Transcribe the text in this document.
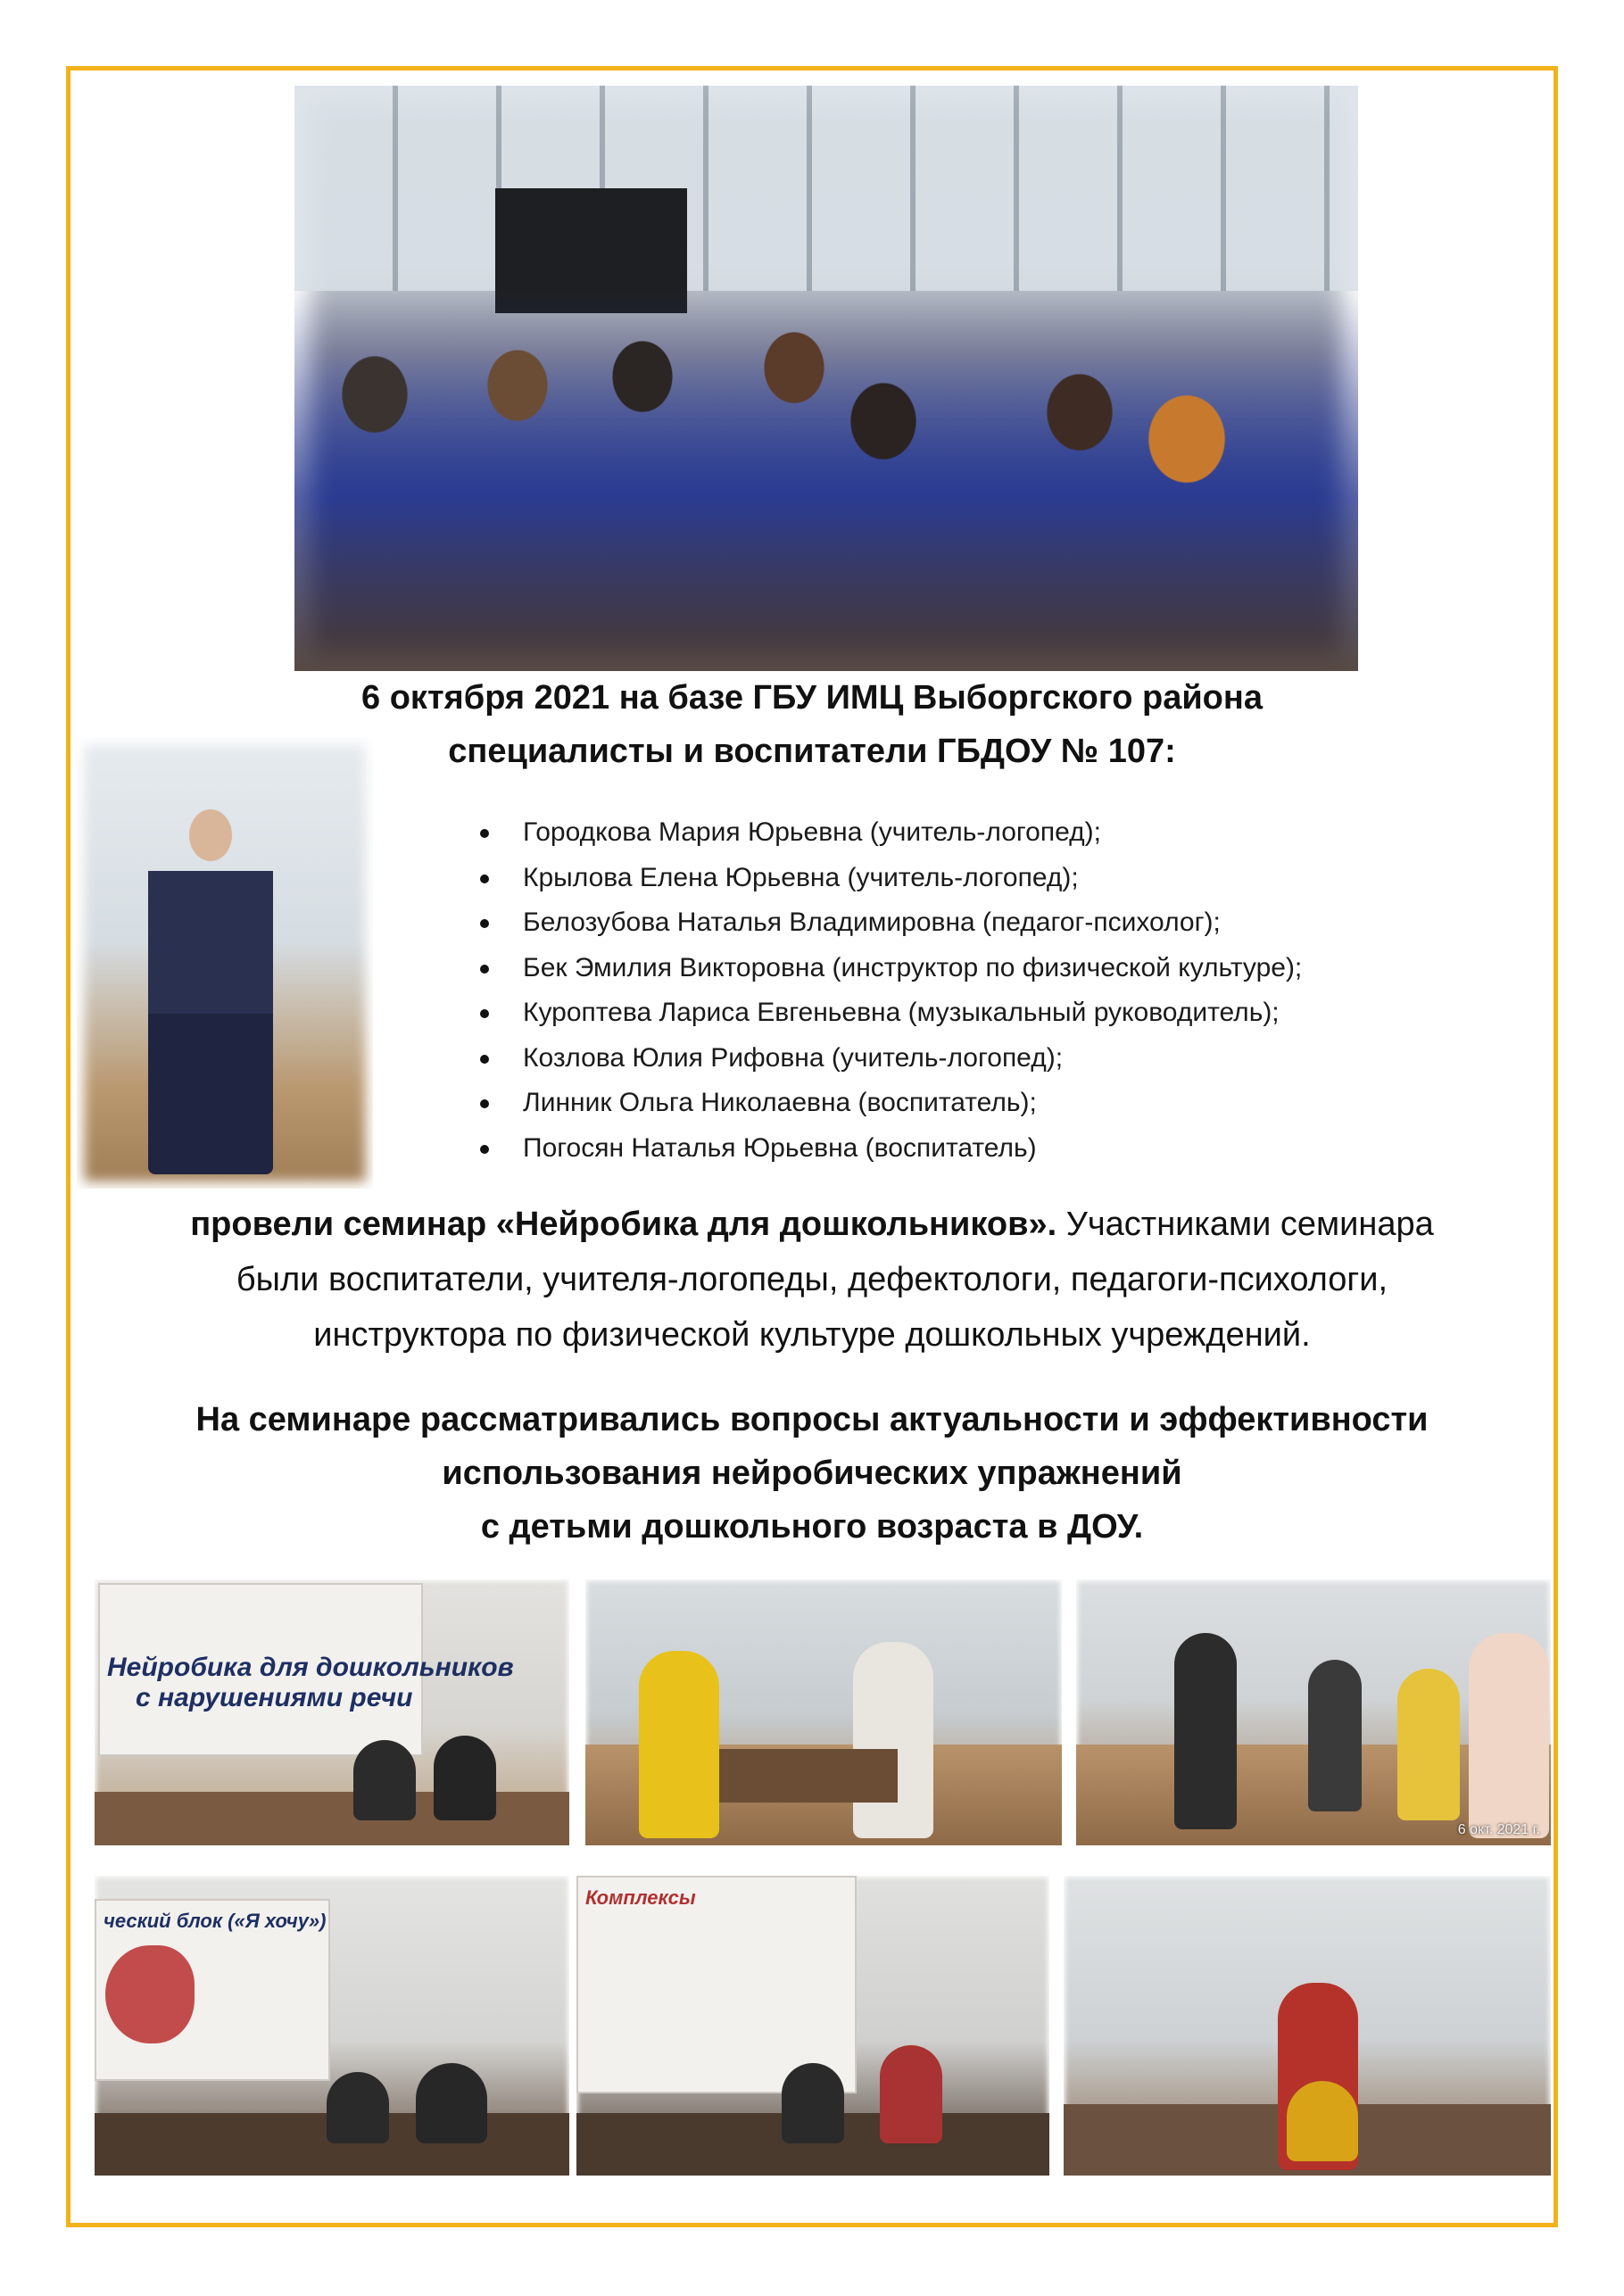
6 октября 2021 на базе ГБУ ИМЦ Выборгского района
специалисты и воспитатели ГБДОУ № 107:
Городкова Мария Юрьевна (учитель-логопед);
Крылова Елена Юрьевна (учитель-логопед);
Белозубова Наталья Владимировна (педагог-психолог);
Бек Эмилия Викторовна (инструктор по физической культуре);
Куроптева Лариса Евгеньевна (музыкальный руководитель);
Козлова Юлия Рифовна (учитель-логопед);
Линник Ольга Николаевна (воспитатель);
Погосян Наталья Юрьевна (воспитатель)
провели семинар «Нейробика для дошкольников». Участниками семинара
были воспитатели, учителя-логопеды, дефектологи, педагоги-психологи,
инструктора по физической культуре дошкольных учреждений.
На семинаре рассматривались вопросы актуальности и эффективности
использования нейробических упражнений
с детьми дошкольного возраста в ДОУ.
Нейробика для дошкольников
с нарушениями речи
6 окт. 2021 г.
ческий блок («Я хочу»)
Комплексы
